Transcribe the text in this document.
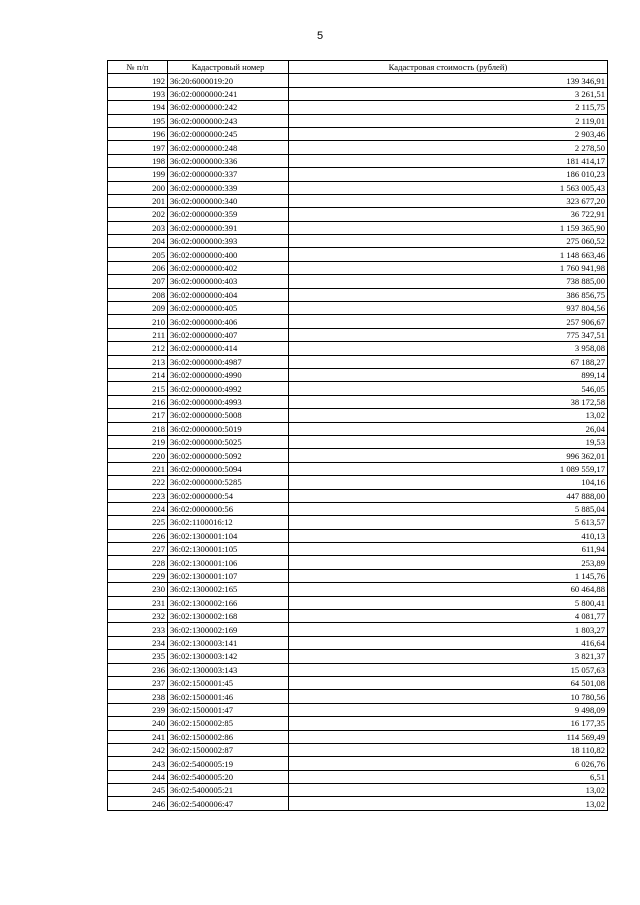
5
№ п/п	Кадастровый номер	Кадастровая стоимость (рублей)
192	36:20:6000019:20	139 346,91
193	36:02:0000000:241	3 261,51
194	36:02:0000000:242	2 115,75
195	36:02:0000000:243	2 119,01
196	36:02:0000000:245	2 903,46
197	36:02:0000000:248	2 278,50
198	36:02:0000000:336	181 414,17
199	36:02:0000000:337	186 010,23
200	36:02:0000000:339	1 563 005,43
201	36:02:0000000:340	323 677,20
202	36:02:0000000:359	36 722,91
203	36:02:0000000:391	1 159 365,90
204	36:02:0000000:393	275 060,52
205	36:02:0000000:400	1 148 663,46
206	36:02:0000000:402	1 760 941,98
207	36:02:0000000:403	738 885,00
208	36:02:0000000:404	386 856,75
209	36:02:0000000:405	937 804,56
210	36:02:0000000:406	257 906,67
211	36:02:0000000:407	775 347,51
212	36:02:0000000:414	3 958,08
213	36:02:0000000:4987	67 188,27
214	36:02:0000000:4990	899,14
215	36:02:0000000:4992	546,05
216	36:02:0000000:4993	38 172,58
217	36:02:0000000:5008	13,02
218	36:02:0000000:5019	26,04
219	36:02:0000000:5025	19,53
220	36:02:0000000:5092	996 362,01
221	36:02:0000000:5094	1 089 559,17
222	36:02:0000000:5285	104,16
223	36:02:0000000:54	447 888,00
224	36:02:0000000:56	5 885,04
225	36:02:1100016:12	5 613,57
226	36:02:1300001:104	410,13
227	36:02:1300001:105	611,94
228	36:02:1300001:106	253,89
229	36:02:1300001:107	1 145,76
230	36:02:1300002:165	60 464,88
231	36:02:1300002:166	5 800,41
232	36:02:1300002:168	4 081,77
233	36:02:1300002:169	1 803,27
234	36:02:1300003:141	416,64
235	36:02:1300003:142	3 821,37
236	36:02:1300003:143	15 057,63
237	36:02:1500001:45	64 501,08
238	36:02:1500001:46	10 780,56
239	36:02:1500001:47	9 498,09
240	36:02:1500002:85	16 177,35
241	36:02:1500002:86	114 569,49
242	36:02:1500002:87	18 110,82
243	36:02:5400005:19	6 026,76
244	36:02:5400005:20	6,51
245	36:02:5400005:21	13,02
246	36:02:5400006:47	13,02
